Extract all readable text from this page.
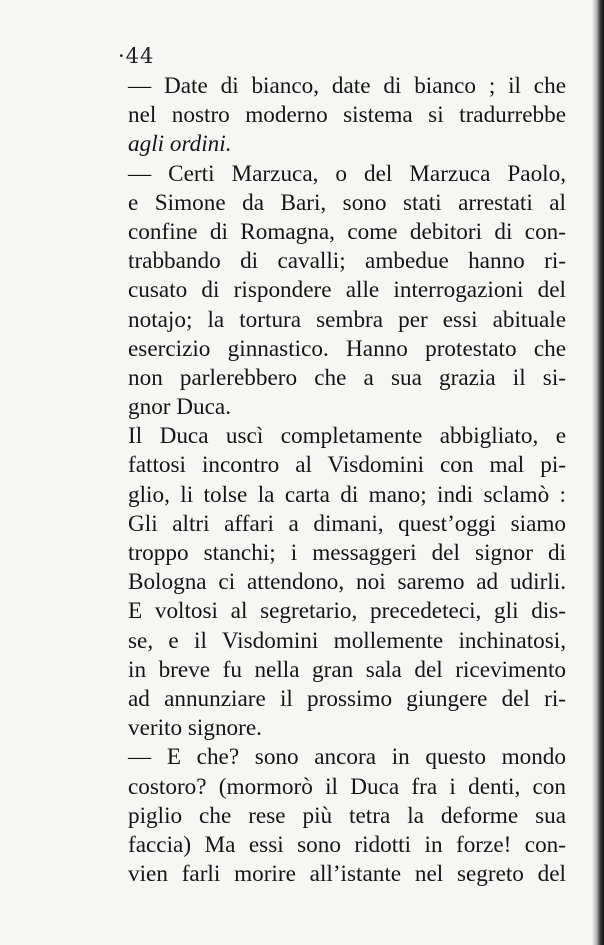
·44
— Date di bianco, date di bianco ; il che
nel nostro moderno sistema si tradurrebbe
agli ordini.
— Certi Marzuca, o del Marzuca Paolo,
e Simone da Bari, sono stati arrestati al
confine di Romagna, come debitori di con-
trabbando di cavalli; ambedue hanno ri-
cusato di rispondere alle interrogazioni del
notajo; la tortura sembra per essi abituale
esercizio ginnastico. Hanno protestato che
non parlerebbero che a sua grazia il si-
gnor Duca.
Il Duca uscì completamente abbigliato, e
fattosi incontro al Visdomini con mal pi-
glio, li tolse la carta di mano; indi sclamò :
Gli altri affari a dimani, quest’oggi siamo
troppo stanchi; i messaggeri del signor di
Bologna ci attendono, noi saremo ad udirli.
E voltosi al segretario, precedeteci, gli dis-
se, e il Visdomini mollemente inchinatosi,
in breve fu nella gran sala del ricevimento
ad annunziare il prossimo giungere del ri-
verito signore.
— E che? sono ancora in questo mondo
costoro? (mormorò il Duca fra i denti, con
piglio che rese più tetra la deforme sua
faccia) Ma essi sono ridotti in forze! con-
vien farli morire all’istante nel segreto del
